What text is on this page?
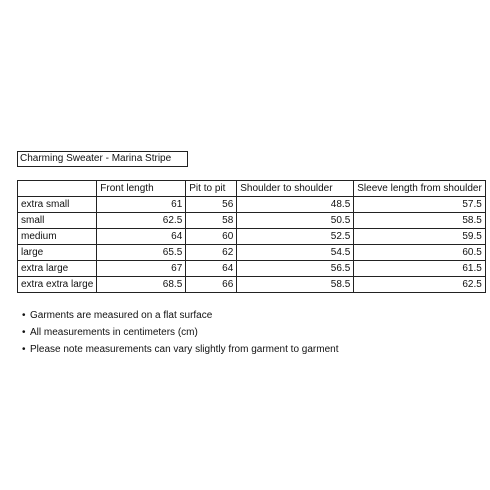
Charming Sweater - Marina Stripe
	Front length	Pit to pit	Shoulder to shoulder	Sleeve length from shoulder
extra small	61	56	48.5	57.5
small	62.5	58	50.5	58.5
medium	64	60	52.5	59.5
large	65.5	62	54.5	60.5
extra large	67	64	56.5	61.5
extra extra large	68.5	66	58.5	62.5
• Garments are measured on a flat surface
• All measurements in centimeters (cm)
• Please note measurements can vary slightly from garment to garment
